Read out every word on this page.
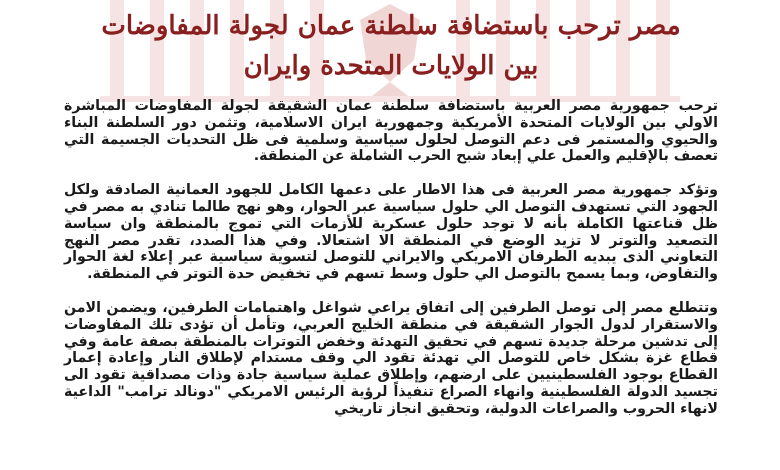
مصر ترحب باستضافة سلطنة عمان لجولة المفاوضات
بين الولايات المتحدة وايران

ترحب جمهورية مصر العربية باستضافة سلطنة عمان الشقيقة لجولة المفاوضات المباشرة الاولي بين الولايات المتحدة الأمريكية وجمهورية ايران الاسلامية، وتثمن دور السلطنة البناء والحيوي والمستمر فى دعم التوصل لحلول سياسية وسلمية فى ظل التحديات الجسيمة التي تعصف بالإقليم والعمل علي إبعاد شبح الحرب الشاملة عن المنطقة.

وتؤكد جمهورية مصر العربية فى هذا الاطار على دعمها الكامل للجهود العمانية الصادقة ولكل الجهود التي تستهدف التوصل الي حلول سياسية عبر الحوار، وهو نهج طالما تنادي به مصر في ظل قناعتها الكاملة بأنه لا توجد حلول عسكرية للأزمات التي تموج بالمنطقة وان سياسة التصعيد والتوتر لا تزيد الوضع في المنطقة الا اشتعالا. وفي هذا الصدد، تقدر مصر النهج التعاوني الذى يبديه الطرفان الامريكي والايراني للتوصل لتسوية سياسية عبر إعلاء لغة الحوار والتفاوض، وبما يسمح بالتوصل الي حلول وسط تسهم في تخفيض حدة التوتر في المنطقة.

وتتطلع مصر إلى توصل الطرفين إلى اتفاق يراعي شواغل واهتمامات الطرفين، ويضمن الامن والاستقرار لدول الجوار الشقيقة في منطقة الخليج العربي، وتأمل أن تؤدى تلك المفاوضات إلى تدشين مرحلة جديدة تسهم في تحقيق التهدئة وخفض التوترات بالمنطقة بصفة عامة وفي قطاع غزة بشكل خاص للتوصل الي تهدئة تقود الي وقف مستدام لإطلاق النار وإعادة إعمار القطاع بوجود الفلسطينيين على ارضهم، وإطلاق عملية سياسية جادة وذات مصداقية تقود الى تجسيد الدولة الفلسطينية وانهاء الصراع تنفيذاً لرؤية الرئيس الامريكي "دونالد ترامب" الداعية لانهاء الحروب والصراعات الدولية، وتحقيق انجاز تاريخي
